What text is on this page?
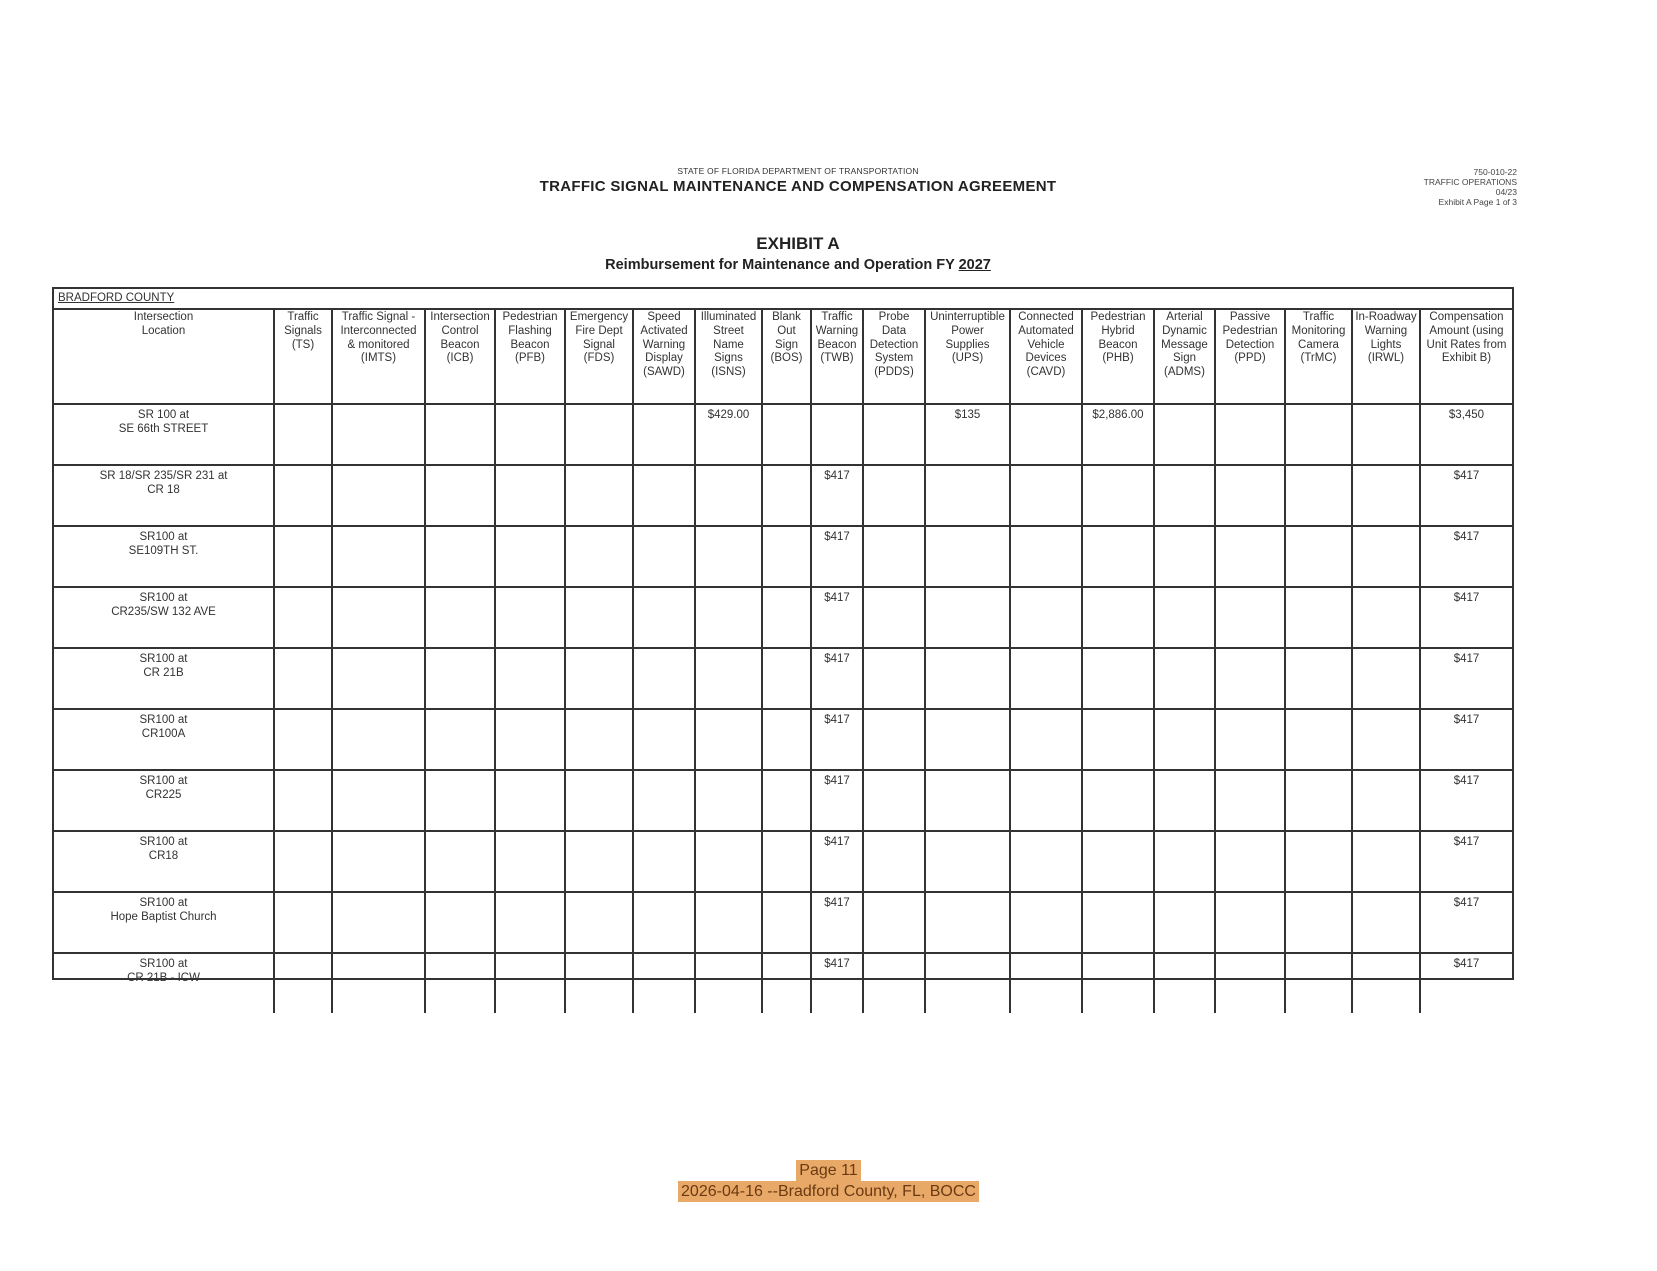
STATE OF FLORIDA DEPARTMENT OF TRANSPORTATION
TRAFFIC SIGNAL MAINTENANCE AND COMPENSATION AGREEMENT
750-010-22
TRAFFIC OPERATIONS
04/23
Exhibit A Page 1 of 3
EXHIBIT A
Reimbursement for Maintenance and Operation FY 2027
BRADFORD COUNTY
Intersection
Location	Traffic
Signals
(TS)	Traffic Signal -
Interconnected
& monitored
(IMTS)	Intersection
Control
Beacon
(ICB)	Pedestrian
Flashing
Beacon
(PFB)	Emergency
Fire Dept
Signal
(FDS)	Speed
Activated
Warning
Display
(SAWD)	Illuminated
Street
Name
Signs
(ISNS)	Blank
Out
Sign
(BOS)	Traffic
Warning
Beacon
(TWB)	Probe
Data
Detection
System
(PDDS)	Uninterruptible
Power
Supplies
(UPS)	Connected
Automated
Vehicle
Devices
(CAVD)	Pedestrian
Hybrid
Beacon
(PHB)	Arterial
Dynamic
Message
Sign
(ADMS)	Passive
Pedestrian
Detection
(PPD)	Traffic
Monitoring
Camera
(TrMC)	In-Roadway
Warning
Lights
(IRWL)	Compensation
Amount (using
Unit Rates from
Exhibit B)

SR 100 at
SE 66th STREET							$429.00				$135		$2,886.00					$3,450

SR 18/SR 235/SR 231 at
CR 18									$417									$417

SR100 at
SE109TH ST.									$417									$417

SR100 at
CR235/SW 132 AVE									$417									$417

SR100 at
CR 21B									$417									$417

SR100 at
CR100A									$417									$417

SR100 at
CR225									$417									$417

SR100 at
CR18									$417									$417

SR100 at
Hope Baptist Church									$417									$417

SR100 at
CR 21B - ICW									$417									$417
Page 11
2026-04-16 --Bradford County, FL, BOCC
